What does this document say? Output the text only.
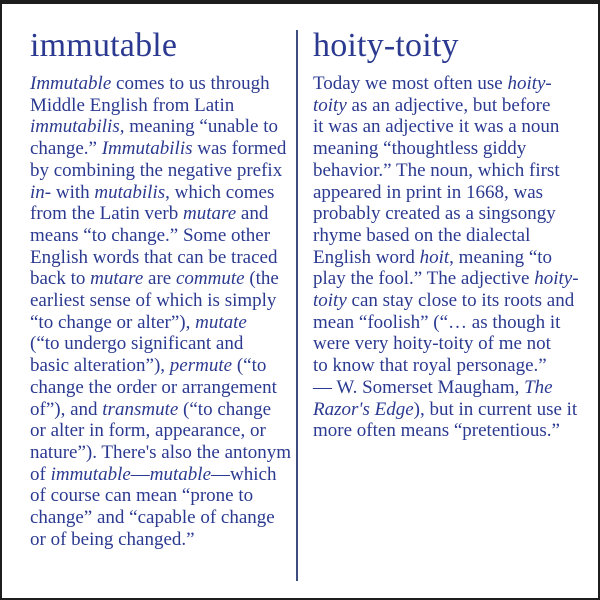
immutable
Immutable comes to us through
Middle English from Latin
immutabilis, meaning “unable to
change.” Immutabilis was formed
by combining the negative prefix
in- with mutabilis, which comes
from the Latin verb mutare and
means “to change.” Some other
English words that can be traced
back to mutare are commute (the
earliest sense of which is simply
“to change or alter”), mutate
(“to undergo significant and
basic alteration”), permute (“to
change the order or arrangement
of”), and transmute (“to change
or alter in form, appearance, or
nature”). There's also the antonym
of immutable—mutable—which
of course can mean “prone to
change” and “capable of change
or of being changed.”
hoity-toity
Today we most often use hoity-
toity as an adjective, but before
it was an adjective it was a noun
meaning “thoughtless giddy
behavior.” The noun, which first
appeared in print in 1668, was
probably created as a singsongy
rhyme based on the dialectal
English word hoit, meaning “to
play the fool.” The adjective hoity-
toity can stay close to its roots and
mean “foolish” (“… as though it
were very hoity-toity of me not
to know that royal personage.”
— W. Somerset Maugham, The
Razor's Edge), but in current use it
more often means “pretentious.”
